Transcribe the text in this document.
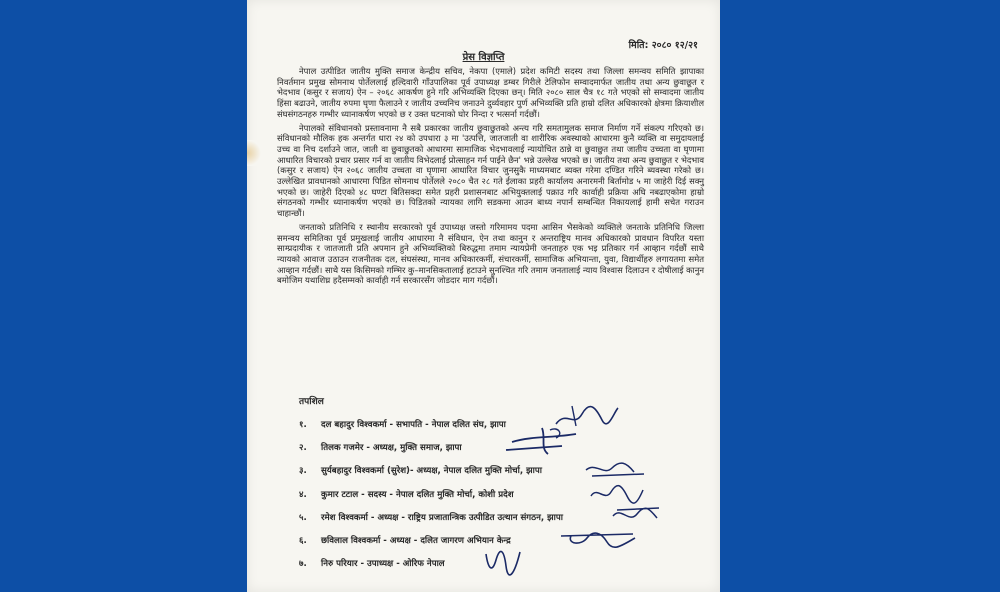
मिति: २०८० १२/२१
प्रेस विज्ञप्ति

नेपाल उत्पीडित जातीय मुक्ति समाज केन्द्रीय सचिव, नेकपा (एमाले) प्रदेश कमिटी सदस्य तथा जिल्ला समन्वय समिति झापाका निवर्तमान प्रमुख सोमनाथ पोर्तेललाई हल्दिवारी गाँउपालिका पूर्व उपाध्यक्ष डम्बर गिरीले टेलिफोन सम्वादमार्फत जातीय तथा अन्य छुवाछूत र भेदभाव (कसुर र सजाय) ऐन – २०६८ आकर्षण हुने गरि अभिव्यक्ति दिएका छन्। मिति २०८० साल चैत्र १८ गते भएको सो सम्वादमा जातीय हिंसा बढाउने, जातीय रुपमा घृणा फैलाउने र जातीय उच्चनिच जनाउने दुर्व्यवहार पुर्ण अभिव्यक्ति प्रति हाम्रो दलित अधिकारको क्षेत्रमा क्रियाशील संघसंगठनहरु गम्भीर ध्यानाकर्षण भएको छ र उक्त घटनाको घोर निन्दा र भत्सर्ना गर्दछौं।

नेपालको संविधानको प्रस्तावनामा नै सबै प्रकारका जातीय छुवाछुतको अन्त्य गरि समतामुलक समाज निर्माण गर्ने संकल्प गरिएको छ। संविधानको मौलिक हक अन्तर्गत धारा २४ को उपधारा ३ मा 'उत्पत्ति, जातजाती वा शारीरिक अवस्थाको आधारमा कुनै व्यक्ति वा समुदायलाई उच्च वा निच दर्शाउने जात, जाती वा छुवाछुतको आधारमा सामाजिक भेदभावलाई न्यायोचित ठान्ने वा छुवाछुत तथा जातीय उच्चता वा घृणामा आधारित विचारको प्रचार प्रसार गर्न वा जातीय विभेदलाई प्रोत्साहन गर्न पाईने छैन' भन्ने उल्लेख भएको छ। जातीय तथा अन्य छुवाछुत र भेदभाव (कसुर र सजाय) ऐन २०६८ जातीय उच्चता वा घृणामा आधारित विचार जुनसुकै माध्यमबाट ब्यक्त गरेमा दण्डित गरिने ब्यवस्था गरेको छ। उल्लेखित प्रावधानको आधारमा पिडित सोमनाथ पोर्तेलले २०८० चैत २८ गते ईलाका प्रहरी कार्यालय अनारमनी बिर्तामोड ५ मा जाहेरी दिई सक्नु भएको छ। जाहेरी दिएको ४८ घण्टा बितिसक्दा समेत प्रहरी प्रशासनबाट अभियुक्तलाई पक्राउ गरि कार्वाही प्रक्रिया अघि नबढाएकोमा हाम्रो संगठनको गम्भीर ध्यानाकर्षण भएको छ। पिडितको न्यायका लागि सडकमा आउन बाध्य नपार्न सम्बन्धित निकायलाई हामी सचेत गराउन चाहान्छौं।

जनताको प्रतिनिधि र स्थानीय सरकारको पूर्व उपाध्यक्ष जस्तो गरिमामय पदमा आसिन भैसकेको व्यक्तिले जनताके प्रतिनिधि जिल्ला समन्वय समितिका पूर्व प्रमुखलाई जातीय आधारमा नै संविधान, ऐन तथा कानुन र अन्तराष्ट्रिय मानव अधिकारको प्रावधान विपरित यस्ता साम्प्रदायीक र जातजाती प्रति अपमान हुने अभिव्यक्तिको बिरुद्धमा तमाम न्यायप्रेमी जनताहरु एक भइ प्रतिकार गर्न आव्हान गर्दछौं साथै न्यायको आवाज उठाउन राजनीतक दल, संघसंस्था, मानव अधिकारकर्मी, संचारकर्मी, सामाजिक अभियान्ता, युवा, विद्यार्थीहरु लगायतमा समेत आव्हान गर्दछौं। साथै यस किसिमको गम्भिर कु–मानसिकतालाई हटाउने सुनश्चित गरि तमाम जनतालाई न्याय विश्वास दिलाउन र दोषीलाई कानुन बमोजिम यथाशिघ्र हदैसम्मको कार्वाही गर्न सरकारसँग जोडदार माग गर्दछौं।

तपशिल
१. दल बहादुर विश्वकर्मा - सभापति - नेपाल दलित संघ, झापा
२. तिलक गजमेर - अध्यक्ष, मुक्ति समाज, झापा
३. सुर्यबहादुर विश्वकर्मा (सुरेश)- अध्यक्ष, नेपाल दलित मुक्ति मोर्चा, झापा
४. कुमार टटाल - सदस्य - नेपाल दलित मुक्ति मोर्चा, कोशी प्रदेश
५. रमेश विश्वकर्मा - अध्यक्ष - राष्ट्रिय प्रजातान्त्रिक उत्पीडित उत्थान संगठन, झापा
६. छविलाल विश्वकर्मा - अध्यक्ष - दलित जागरण अभियान केन्द्र
७. निरु परियार - उपाध्यक्ष - ओरिफ नेपाल
